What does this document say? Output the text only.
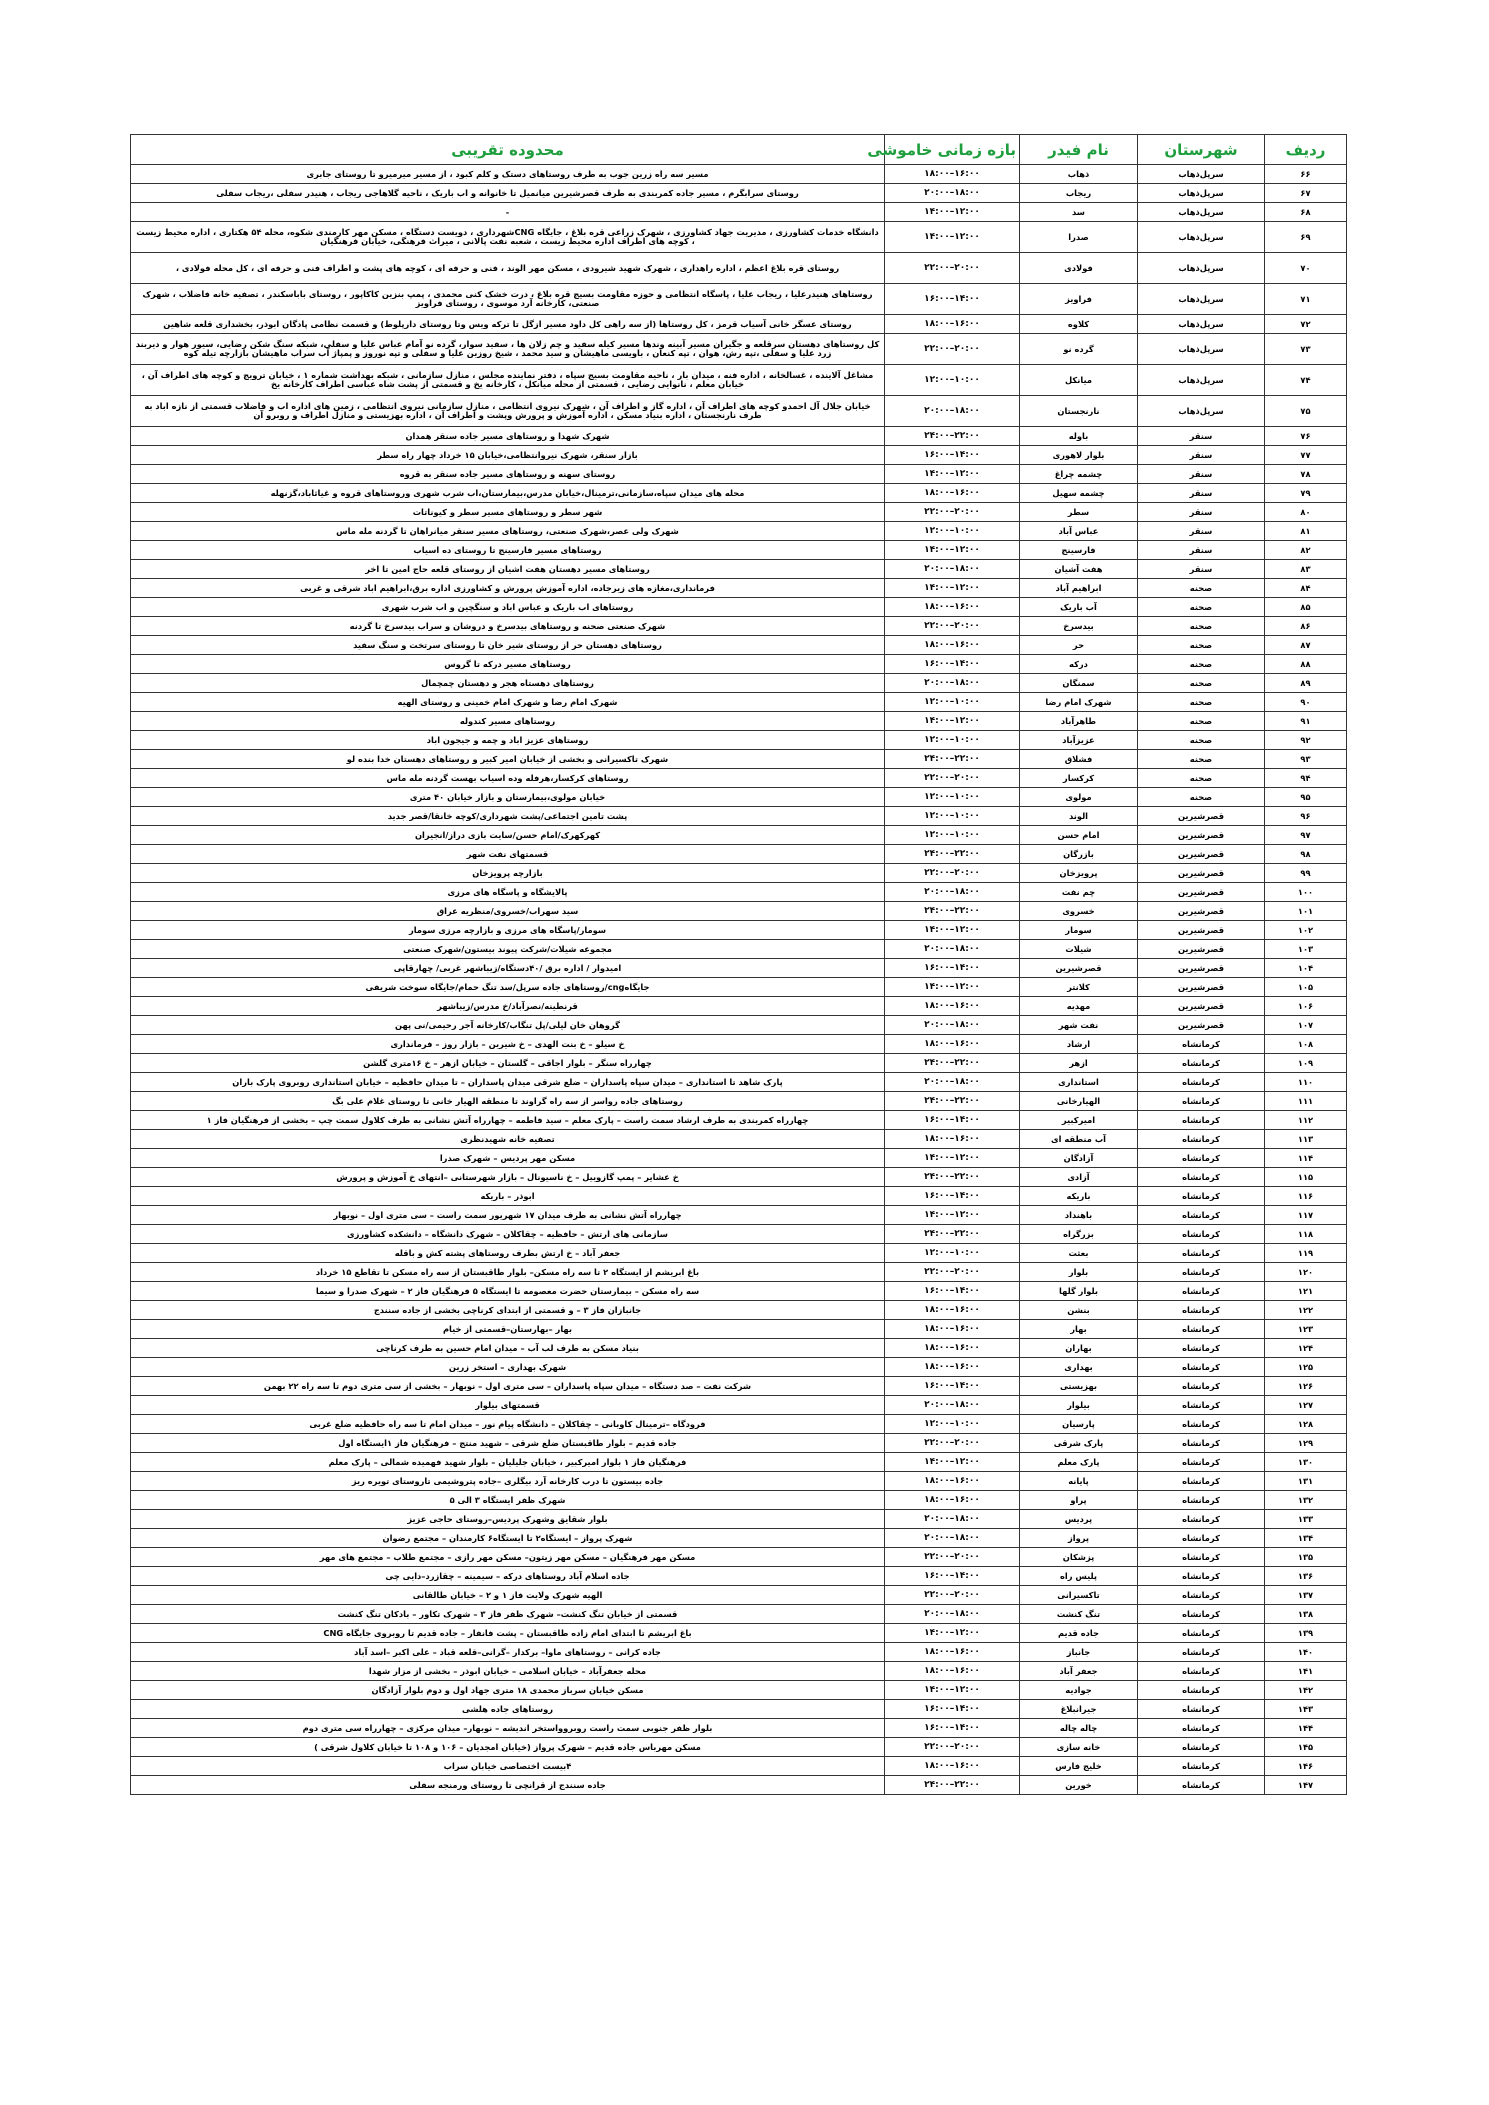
ردیف	شهرستان	نام فیدر	بازه زمانی خاموشی	محدوده تقریبی
۶۶	سرپل‌ذهاب	ذهاب	۱۶:۰۰–۱۸:۰۰	مسیر سه راه زرین جوب به طرف روستاهای دستک و کلم کبود ، از مسیر میرمیرو تا روستای جابری
۶۷	سرپل‌ذهاب	ریجاب	۱۸:۰۰–۲۰:۰۰	روستای سرابگرم ، مسیر جاده کمربندی به طرف قصرشیرین میانمیل تا خانوانه و اب باریک ، ناحیه گلاهاجی ریجاب ، هنیدر سفلی ،ریجاب سفلی
۶۸	سرپل‌ذهاب	سد	۱۲:۰۰–۱۴:۰۰	-
۶۹	سرپل‌ذهاب	صدرا	۱۲:۰۰–۱۴:۰۰	دانشگاه خدمات کشاورزی ، مدیریت جهاد کشاورزی ، شهرک زراعی قره بلاغ ، جایگاه CNGشهرداری ، دویست دستگاه ، مسکن مهر کارمندی شکوه، محله ۵۴ هکتاری ، اداره محیط زیست ، کوچه های اطراف اداره محیط زیست ، شعبه نفت پالانی ، میراث فرهنگی، خیابان فرهنگیان
۷۰	سرپل‌ذهاب	فولادی	۲۰:۰۰–۲۲:۰۰	روستای قره بلاغ اعظم ، اداره راهداری ، شهرک شهید شیرودی ، مسکن مهر الوند ، فنی و حرفه ای ، کوچه های پشت و اطراف فنی و حرفه ای ، کل محله فولادی ،
۷۱	سرپل‌ذهاب	فراویز	۱۴:۰۰–۱۶:۰۰	روستاهای هنیدرعلیا ، ریجاب علیا ، پاسگاه انتظامی و حوزه مقاومت بسیج قره بلاغ ، درت خشک کنی محمدی ، پمپ بنزین کاکاپور ، روستای باباسکندر ، تصفیه خانه فاضلاب ، شهرک صنعتی، کارخانه آرد موسوی ، روستای فراویز
۷۲	سرپل‌ذهاب	کلاوه	۱۶:۰۰–۱۸:۰۰	روستای عسگر خانی آسیاب قرمز ، کل روستاها (از سه راهی کل داود مسیر ازگل تا ترکه ویس وتا روستای دارپلوط) و قسمت نظامی پادگان ابوذر، بخشداری قلعه شاهین
۷۳	سرپل‌ذهاب	گرده نو	۲۰:۰۰–۲۲:۰۰	کل روستاهای دهستان سرقلعه و جگیران مسیر آبینه وندها مسیر کیله سفید و چم زلان ها ، سفید سوار، گرده نو آمام عباس علیا و سفلی، شبکه سنگ شکن رضایی، سیور هوار و دیربند زرد علیا و سفلی ،تپه رش، هوان ، تپه کنعان ، باویسی ماهیشان و سید محمد ، شیخ روزین علیا و سفلی و تپه نوروز و پمپاژ آب سراب ماهیشان بازارچه تیله کوه
۷۴	سرپل‌ذهاب	میانکل	۱۰:۰۰–۱۲:۰۰	مشاغل آلاینده ، غسالخانه ، اداره فنه ، میدان بار ، ناحیه مقاومت بسیج سپاه ، دفتر نماینده مجلس ، منازل سازمانی ، شبکه بهداشت شماره ۱ ، خیابان ترویج و کوچه های اطراف آن ، خیابان معلم ، نانوایی رضایی ، قسمتی از محله میانکل ، کارخانه یخ و قسمتی از پشت شاه عباسی اطراف کارخانه یخ
۷۵	سرپل‌ذهاب	نارنجستان	۱۸:۰۰–۲۰:۰۰	خیابان جلال آل احمدو کوچه های اطراف آن ، اداره گاز و اطراف آن ، شهرک نیروی انتظامی ، منازل سازمانی نیروی انتظامی ، زمین های اداره اب و فاضلاب قسمتی از نازه اباد به طرف نارنجستان ، اداره بنیاد مسکن ، اداره آموزش و پرورش وپشت و اطراف آن ، اداره بهزیستی و منازل اطراف و روبرو آن
۷۶	سنقر	باوله	۲۲:۰۰–۲۴:۰۰	شهرک شهدا و روستاهای مسیر جاده سنقر همدان
۷۷	سنقر	بلوار لاهوری	۱۴:۰۰–۱۶:۰۰	بازار سنقر، شهرک نیروانتظامی،خیابان ۱۵ خرداد چهار راه سطر
۷۸	سنقر	چشمه چراغ	۱۲:۰۰–۱۴:۰۰	روستای سهنه و روستاهای مسیر جاده سنقر به قروه
۷۹	سنقر	چشمه سهیل	۱۶:۰۰–۱۸:۰۰	محله های میدان سپاه،سازمانی،ترمینال،خیابان مدرس،بیمارستان،اب شرب شهری وروستاهای قروه و غیاثاباد،گزنهله
۸۰	سنقر	سطر	۲۰:۰۰–۲۲:۰۰	شهر سطر و روستاهای مسیر سطر و کیوناتات
۸۱	سنقر	عباس آباد	۱۰:۰۰–۱۲:۰۰	شهرک ولی عصر،شهرک صنعتی، روستاهای مسیر سنقر میانراهان تا گردنه مله ماس
۸۲	سنقر	فارسینج	۱۲:۰۰–۱۴:۰۰	روستاهای مسیر فارسینج تا روستای ده اسیاب
۸۳	سنقر	هفت آشیان	۱۸:۰۰–۲۰:۰۰	روستاهای مسیر دهستان هفت اشیان از روستای قلعه حاج امین تا اخر
۸۴	صحنه	ابراهیم آباد	۱۲:۰۰–۱۴:۰۰	فرمانداری،مغازه های زیرجاده، اداره آموزش پرورش و کشاورزی اداره برق،ابراهیم اباد شرقی و غربی
۸۵	صحنه	آب باریک	۱۶:۰۰–۱۸:۰۰	روستاهای اب باریک و عباس اباد و سنگچین و اب شرب شهری
۸۶	صحنه	بیدسرخ	۲۰:۰۰–۲۲:۰۰	شهرک صنعتی صحنه و روستاهای بیدسرخ و دروشان و سراب بیدسرخ تا گردنه
۸۷	صحنه	حر	۱۶:۰۰–۱۸:۰۰	روستاهای دهستان حر از روستای شیر خان تا روستای سرتخت و سنگ سفید
۸۸	صحنه	درکه	۱۴:۰۰–۱۶:۰۰	روستاهای مسیر درکه تا گروس
۸۹	صحنه	سمنگان	۱۸:۰۰–۲۰:۰۰	روستاهای دهستاه هجر و دهستان چمچمال
۹۰	صحنه	شهرک امام رضا	۱۰:۰۰–۱۲:۰۰	شهرک امام رضا و شهرک امام خمینی و روستای الهیه
۹۱	صحنه	طاهرآباد	۱۲:۰۰–۱۴:۰۰	روستاهای مسیر کندوله
۹۲	صحنه	عزیزآباد	۱۰:۰۰–۱۲:۰۰	روستاهای عزیز اباد و چمه و جیجون اباد
۹۳	صحنه	فشلاق	۲۲:۰۰–۲۴:۰۰	شهرک تاکسیرانی و بخشی از خیابان امیر کبیر و روستاهای دهستان خدا بنده لو
۹۴	صحنه	کرکسار	۲۰:۰۰–۲۲:۰۰	روستاهای کرکسار،هرفله وده اسیاب بهست گردنه مله ماس
۹۵	صحنه	مولوی	۱۰:۰۰–۱۲:۰۰	خیابان مولوی،بیمارستان و بازار خیابان ۴۰ متری
۹۶	قصرشیرین	الوند	۱۰:۰۰–۱۲:۰۰	پشت تامین اجتماعی/پشت شهرداری/کوچه خانقا/قصر جدید
۹۷	قصرشیرین	امام حسن	۱۰:۰۰–۱۲:۰۰	کهرکهرک/امام حسن/سایت بازی دراز/انجیران
۹۸	قصرشیرین	بازرگان	۲۲:۰۰–۲۴:۰۰	قسمتهای نفت شهر
۹۹	قصرشیرین	پرویزخان	۲۰:۰۰–۲۲:۰۰	بازارچه پرویزخان
۱۰۰	قصرشیرین	چم نفت	۱۸:۰۰–۲۰:۰۰	پالایشگاه و پاسگاه های مرزی
۱۰۱	قصرشیرین	خسروی	۲۲:۰۰–۲۴:۰۰	سید سهراب/خسروی/منظریه عراق
۱۰۲	قصرشیرین	سومار	۱۲:۰۰–۱۴:۰۰	سومار/پاسگاه های مرزی و بازارچه مرزی سومار
۱۰۳	قصرشیرین	شیلات	۱۸:۰۰–۲۰:۰۰	مجموعه شیلات/شرکت پیوند بیستون/شهرک صنعتی
۱۰۴	قصرشیرین	قصرشیرین	۱۴:۰۰–۱۶:۰۰	امیدوار / اداره برق /۴۰دستگاه/زیباشهر غربی/ چهارقاپی
۱۰۵	قصرشیرین	کلانتر	۱۲:۰۰–۱۴:۰۰	جایگاهcng/روستاهای جاده سرپل/سد تنگ حمام/جایگاه سوخت شریفی
۱۰۶	قصرشیرین	مهدیه	۱۶:۰۰–۱۸:۰۰	قرنطینه/نصرآباد/خ مدرس/زیباشهر
۱۰۷	قصرشیرین	نفت شهر	۱۸:۰۰–۲۰:۰۰	گروهان خان لیلی/پل تنگاب/کارخانه آجر رحیمی/نی پهن
۱۰۸	کرمانشاه	ارشاد	۱۶:۰۰–۱۸:۰۰	خ سیلو – خ بنت الهدی – خ شیرین – بازار روز – فرمانداری
۱۰۹	کرمانشاه	ازهر	۲۲:۰۰–۲۴:۰۰	چهارراه سنگر – بلوار اجاقی – گلستان – خیابان ازهر – خ ۱۶متری گلشن
۱۱۰	کرمانشاه	استانداری	۱۸:۰۰–۲۰:۰۰	پارک شاهد تا استانداری – میدان سپاه پاسداران – ضلع شرقی میدان پاسداران – تا میدان حافظیه – خیابان استانداری روبروی پارک باران
۱۱۱	کرمانشاه	الهیارخانی	۲۲:۰۰–۲۴:۰۰	روستاهای جاده رواسر از سه راه گراوند تا منطقه الهیار خانی تا روستای غلام علی بگ
۱۱۲	کرمانشاه	امیرکبیر	۱۴:۰۰–۱۶:۰۰	چهارراه کمربندی به طرف ارشاد سمت راست – پارک معلم – سید فاطمه – چهارراه آتش نشانی به طرف کلاول سمت چپ – بخشی از فرهنگیان فاز ۱
۱۱۳	کرمانشاه	آب منطقه ای	۱۶:۰۰–۱۸:۰۰	تصفیه خانه شهیدنظری
۱۱۴	کرمانشاه	آزادگان	۱۲:۰۰–۱۴:۰۰	مسکن مهر پردیس – شهرک صدرا
۱۱۵	کرمانشاه	آزادی	۲۲:۰۰–۲۴:۰۰	خ عشایر – پمپ گازوییل – خ ناسیونال – بازار شهرستانی –انتهای خ آموزش و پرورش
۱۱۶	کرمانشاه	باریکه	۱۴:۰۰–۱۶:۰۰	ابوذر – باریکه
۱۱۷	کرمانشاه	باهنداد	۱۲:۰۰–۱۴:۰۰	چهارراه آتش نشانی به طرف میدان ۱۷ شهریور سمت راست – سی متری اول – نوبهار
۱۱۸	کرمانشاه	بزرگراه	۲۲:۰۰–۲۴:۰۰	سازمانی های ارتش – حافظیه – چقاکلان – شهرک دانشگاه – دانشکده کشاورزی
۱۱۹	کرمانشاه	بعثت	۱۰:۰۰–۱۲:۰۰	جعفر آباد – خ ارتش بطرف روستاهای پشته کش و باقله
۱۲۰	کرمانشاه	بلوار	۲۰:۰۰–۲۲:۰۰	باغ ابریشم از ایستگاه ۲ تا سه راه مسکن– بلوار طاقبستان از سه راه مسکن تا تقاطع ۱۵ خرداد
۱۲۱	کرمانشاه	بلوار گلها	۱۴:۰۰–۱۶:۰۰	سه راه مسکن – بیمارستان حضرت معصومه تا ایستگاه ۵ فرهنگیان فاز ۲ – شهرک صدرا و سیما
۱۲۲	کرمانشاه	بنشن	۱۶:۰۰–۱۸:۰۰	جانبازان فاز ۳ – و قسمتی از ابتدای کرناچی بخشی از جاده سنندج
۱۲۳	کرمانشاه	بهار	۱۶:۰۰–۱۸:۰۰	بهار –بهارستان–قسمتی از خیام
۱۲۴	کرمانشاه	بهاران	۱۶:۰۰–۱۸:۰۰	بنیاد مسکن به طرف لب آب – میدان امام حسین به طرف کرناچی
۱۲۵	کرمانشاه	بهداری	۱۶:۰۰–۱۸:۰۰	شهرک بهداری – استخر زرین
۱۲۶	کرمانشاه	بهزیستی	۱۴:۰۰–۱۶:۰۰	شرکت نفت – صد دستگاه – میدان سپاه پاسداران – سی متری اول – نوبهار – بخشی از سی متری دوم تا سه راه ۲۲ بهمن
۱۲۷	کرمانشاه	بیلوار	۱۸:۰۰–۲۰:۰۰	قسمتهای بیلوار
۱۲۸	کرمانشاه	پارسیان	۱۰:۰۰–۱۲:۰۰	فرودگاه –ترمینال کاوبانی – چقاکلان – دانشگاه پیام نور – میدان امام تا سه راه حافظیه ضلع غربی
۱۲۹	کرمانشاه	پارک شرقی	۲۰:۰۰–۲۲:۰۰	جاده قدیم – بلوار طاقبستان ضلع شرقی – شهید منتج – فرهنگیان فاز ۱ایستگاه اول
۱۳۰	کرمانشاه	پارک معلم	۱۲:۰۰–۱۴:۰۰	فرهنگیان فاز ۱ بلوار امیرکبیر ، خیابان جلیلیان – بلوار شهید فهمیده شمالی – پارک معلم
۱۳۱	کرمانشاه	پایانه	۱۶:۰۰–۱۸:۰۰	جاده بیستون تا درب کارخانه آرد بیگلری –جاده پتروشیمی تاروستای تویره ریز
۱۳۲	کرمانشاه	پراو	۱۶:۰۰–۱۸:۰۰	شهرک ظفر ایستگاه ۳ الی ۵
۱۳۳	کرمانشاه	پردیس	۱۸:۰۰–۲۰:۰۰	بلوار شقایق وشهرک پردیس–روستای حاجی عزیز
۱۳۴	کرمانشاه	پرواز	۱۸:۰۰–۲۰:۰۰	شهرک پرواز – ایستگاه۲ تا ایستگاه۶ کارمندان – مجتمع رضوان
۱۳۵	کرمانشاه	پزشکان	۲۰:۰۰–۲۲:۰۰	مسکن مهر فرهنگیان – مسکن مهر زیتون– مسکن مهر رازی – مجتمع طلاب – مجتمع های مهر
۱۳۶	کرمانشاه	پلیس راه	۱۴:۰۰–۱۶:۰۰	جاده اسلام آباد روستاهای درکه – سیمینه – چقازرد–دایی چی
۱۳۷	کرمانشاه	تاکسیرانی	۲۰:۰۰–۲۲:۰۰	الهیه شهرک ولایت فاز ۱ و ۲ – خیابان طالقانی
۱۳۸	کرمانشاه	تنگ کنشت	۱۸:۰۰–۲۰:۰۰	قسمتی از خیابان تنگ کنشت– شهرک ظفر فاز ۳ – شهرک تکاور – بادکان تنگ کنشت
۱۳۹	کرمانشاه	جاده قدیم	۱۲:۰۰–۱۴:۰۰	باغ ابریشم تا ابتدای امام زاده طاقبستان – پشت فانفار – جاده قدیم تا روبروی جایگاه CNG
۱۴۰	کرمانشاه	جانباز	۱۶:۰۰–۱۸:۰۰	جاده کرانی – روستاهای ماوا– برکدار –گرانی–قلعه قباد – علی اکبر –اسد آباد
۱۴۱	کرمانشاه	جعفر آباد	۱۶:۰۰–۱۸:۰۰	محله جعفرآباد – خیابان اسلامی – خیابان ابوذر – بخشی از مزار شهدا
۱۴۲	کرمانشاه	جوادیه	۱۲:۰۰–۱۴:۰۰	مسکن خیابان سرباز محمدی ۱۸ متری جهاد اول و دوم بلوار آزادگان
۱۴۳	کرمانشاه	جیرانبلاغ	۱۴:۰۰–۱۶:۰۰	روستاهای جاده هلشی
۱۴۴	کرمانشاه	چاله چاله	۱۴:۰۰–۱۶:۰۰	بلوار ظفر جنوبی سمت راست روبروواستخر اندیشه – نوبهار– میدان مرکزی – چهارراه سی متری دوم
۱۴۵	کرمانشاه	خانه سازی	۲۰:۰۰–۲۲:۰۰	مسکن مهرباس جاده قدیم – شهرک پرواز (خیابان امجدیان – ۱۰۶ و ۱۰۸ تا خیابان کلاول شرقی )
۱۴۶	کرمانشاه	خلیج فارس	۱۶:۰۰–۱۸:۰۰	۴بیست اختصاصی خیابان سراب
۱۴۷	کرمانشاه	خورین	۲۲:۰۰–۲۴:۰۰	جاده سنندج از قرانچی تا روستای ورمنجه سفلی
